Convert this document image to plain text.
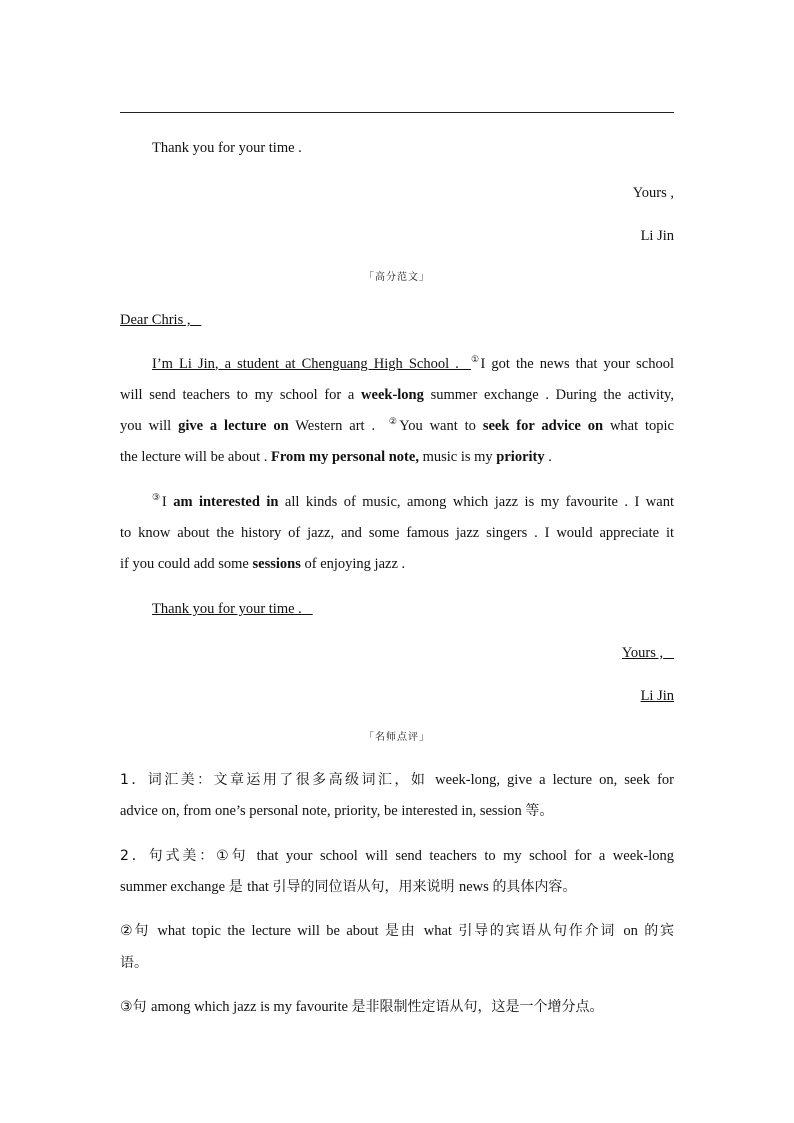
Thank you for your time .
Yours ,
Li Jin
「高分范文」
Dear Chris ,
I’m Li Jin, a student at Chenguang High School . ①I got the news that your school
will send teachers to my school for a week-long summer exchange . During the activity,
you will give a lecture on Western art . ②You want to seek for advice on what topic
the lecture will be about . From my personal note, music is my priority .
③I am interested in all kinds of music, among which jazz is my favourite . I want
to know about the history of jazz, and some famous jazz singers . I would appreciate it
if you could add some sessions of enjoying jazz .
Thank you for your time .
Yours ,
Li Jin
「名师点评」
1．词汇美：文章运用了很多高级词汇，如 week-long, give a lecture on, seek for
advice on, from one’s personal note, priority, be interested in, session 等。
2．句式美：①句 that your school will send teachers to my school for a week-long
summer exchange 是 that 引导的同位语从句，用来说明 news 的具体内容。
②句 what topic the lecture will be about 是由 what 引导的宾语从句作介词 on 的宾
语。
③句 among which jazz is my favourite 是非限制性定语从句，这是一个增分点。
